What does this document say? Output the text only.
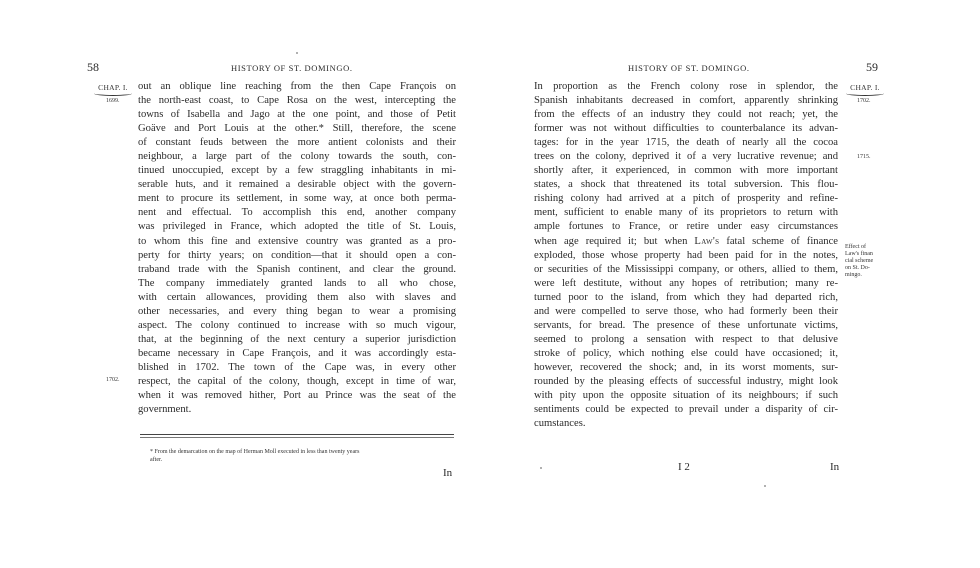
58	HISTORY OF ST. DOMINGO.
CHAP. I.
1699.
1702.
out an oblique line reaching from the then Cape François on
the north-east coast, to Cape Rosa on the west, intercepting the
towns of Isabella and Jago at the one point, and those of Petit
Goäve and Port Louis at the other.* Still, therefore, the scene
of constant feuds between the more antient colonists and their
neighbour, a large part of the colony towards the south, con-
tinued unoccupied, except by a few straggling inhabitants in mi-
serable huts, and it remained a desirable object with the govern-
ment to procure its settlement, in some way, at once both perma-
nent and effectual. To accomplish this end, another company
was privileged in France, which adopted the title of St. Louis,
to whom this fine and extensive country was granted as a pro-
perty for thirty years; on condition—that it should open a con-
traband trade with the Spanish continent, and clear the ground.
The company immediately granted lands to all who chose,
with certain allowances, providing them also with slaves and
other necessaries, and every thing began to wear a promising
aspect. The colony continued to increase with so much vigour,
that, at the beginning of the next century a superior jurisdiction
became necessary in Cape François, and it was accordingly esta-
blished in 1702. The town of the Cape was, in every other
respect, the capital of the colony, though, except in time of war,
when it was removed hither, Port au Prince was the seat of the
government.
* From the demarcation on the map of Herman Moll executed in less than twenty years
after.
In
HISTORY OF ST. DOMINGO.	59
In proportion as the French colony rose in splendor, the
Spanish inhabitants decreased in comfort, apparently shrinking
from the effects of an industry they could not reach; yet, the
former was not without difficulties to counterbalance its advan-
tages: for in the year 1715, the death of nearly all the cocoa
trees on the colony, deprived it of a very lucrative revenue; and
shortly after, it experienced, in common with more important
states, a shock that threatened its total subversion. This flou-
rishing colony had arrived at a pitch of prosperity and refine-
ment, sufficient to enable many of its proprietors to return with
ample fortunes to France, or retire under easy circumstances
when age required it; but when Law's fatal scheme of finance
exploded, those whose property had been paid for in the notes,
or securities of the Mississippi company, or others, allied to them,
were left destitute, without any hopes of retribution; many re-
turned poor to the island, from which they had departed rich,
and were compelled to serve those, who had formerly been their
servants, for bread. The presence of these unfortunate victims,
seemed to prolong a sensation with respect to that delusive
stroke of policy, which nothing else could have occasioned; it,
however, recovered the shock; and, in its worst moments, sur-
rounded by the pleasing effects of successful industry, might look
with pity upon the opposite situation of its neighbours; if such
sentiments could be expected to prevail under a disparity of cir-
cumstances.
CHAP. I.
1702.
1715.
Effect of
Law's finan
cial scheme
on St. Do-
mingo.
I 2	In
